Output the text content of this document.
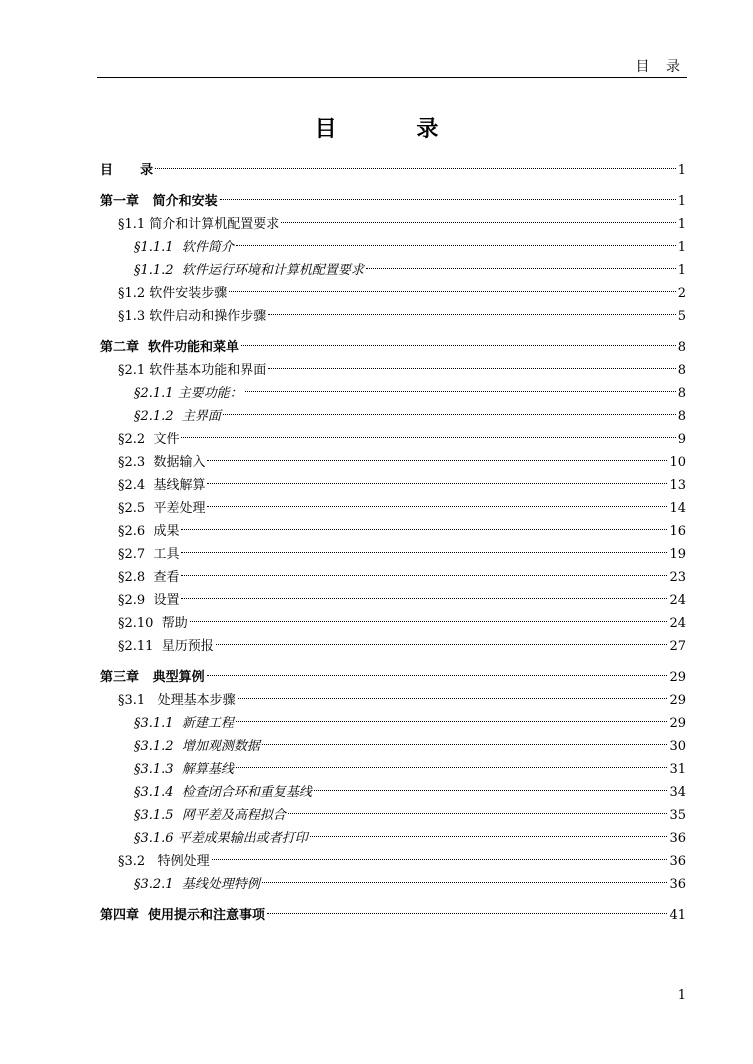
目 录
目 录
目      录	1
第一章   简介和安装	1
§1.1 简介和计算机配置要求	1
§1.1.1  软件简介	1
§1.1.2  软件运行环境和计算机配置要求	1
§1.2 软件安装步骤	2
§1.3 软件启动和操作步骤	5
第二章  软件功能和菜单	8
§2.1 软件基本功能和界面	8
§2.1.1 主要功能：	8
§2.1.2  主界面	8
§2.2  文件	9
§2.3  数据输入	10
§2.4  基线解算	13
§2.5  平差处理	14
§2.6  成果	16
§2.7  工具	19
§2.8  查看	23
§2.9  设置	24
§2.10  帮助	24
§2.11  星历预报	27
第三章   典型算例	29
§3.1   处理基本步骤	29
§3.1.1  新建工程	29
§3.1.2  增加观测数据	30
§3.1.3  解算基线	31
§3.1.4  检查闭合环和重复基线	34
§3.1.5  网平差及高程拟合	35
§3.1.6 平差成果输出或者打印	36
§3.2   特例处理	36
§3.2.1  基线处理特例	36
第四章  使用提示和注意事项	41
1
